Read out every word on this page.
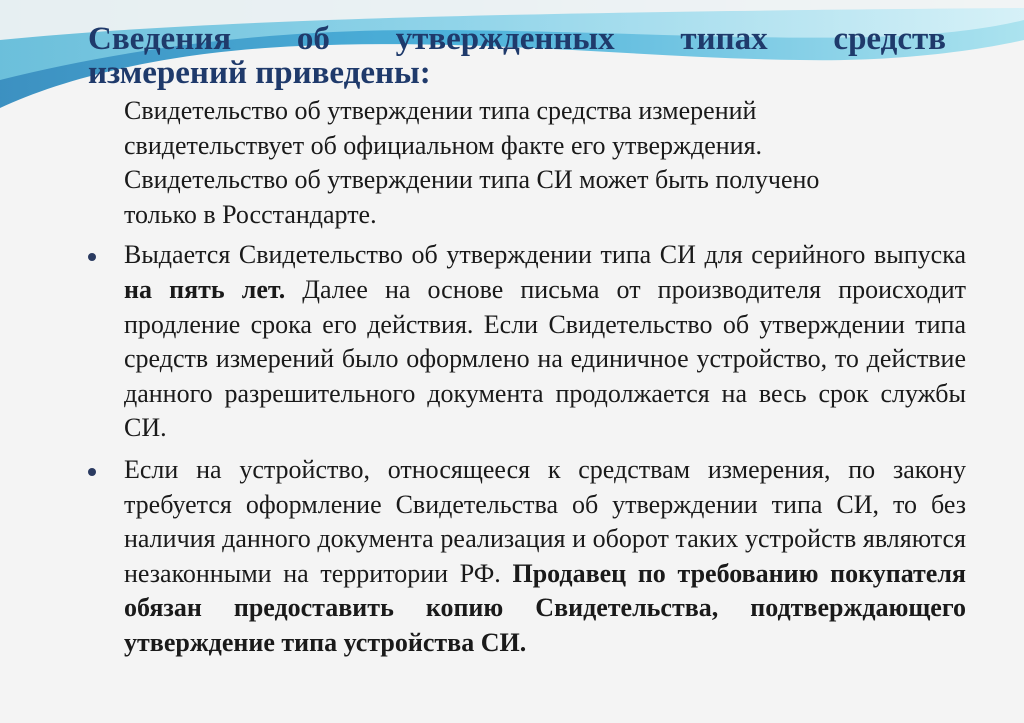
Сведения об утвержденных типах средств
измерений приведены:

Свидетельство об утверждении типа средства измерений
свидетельствует об официальном факте его утверждения.
Свидетельство об утверждении типа СИ может быть получено
только в Росстандарте.

Выдается Свидетельство об утверждении типа СИ для серийного выпуска на пять лет. Далее на основе письма от производителя происходит продление срока его действия. Если Свидетельство об утверждении типа средств измерений было оформлено на единичное устройство, то действие данного разрешительного документа продолжается на весь срок службы СИ.

Если на устройство, относящееся к средствам измерения, по закону требуется оформление Свидетельства об утверждении типа СИ, то без наличия данного документа реализация и оборот таких устройств являются незаконными на территории РФ. Продавец по требованию покупателя обязан предоставить копию Свидетельства, подтверждающего утверждение типа устройства СИ.
